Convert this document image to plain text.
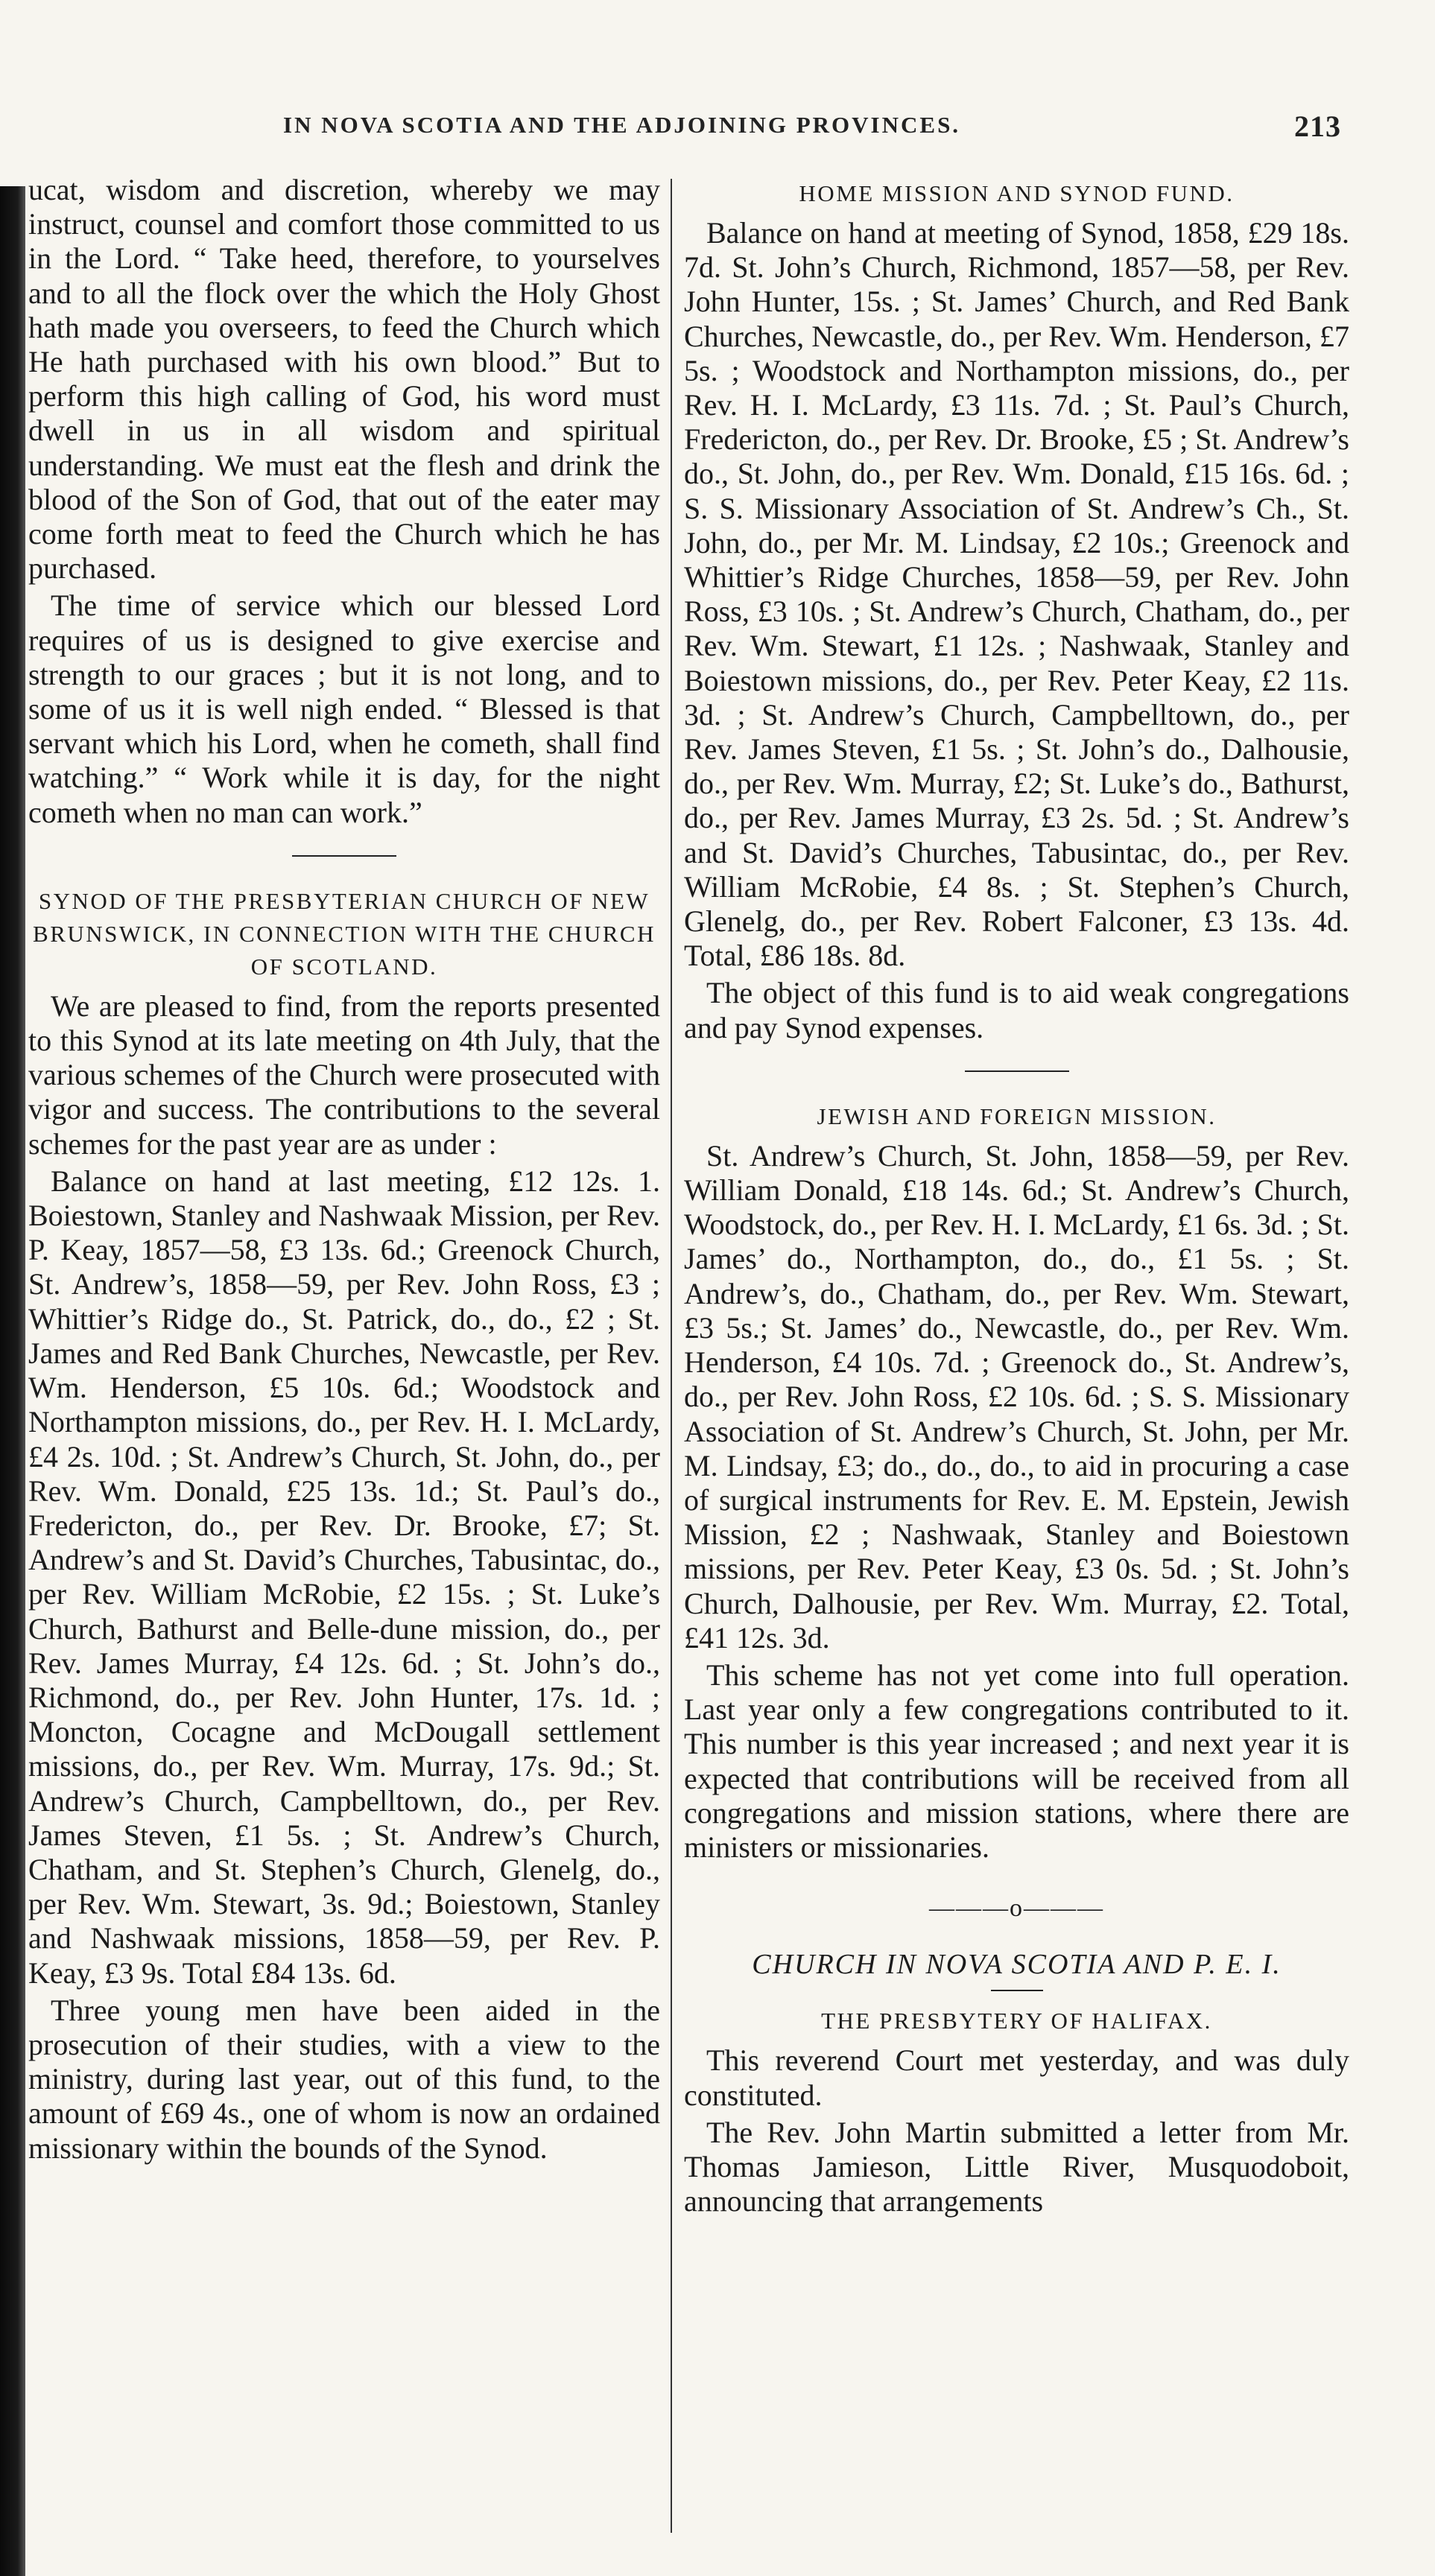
IN NOVA SCOTIA AND THE ADJOINING PROVINCES.	213

ucat, wisdom and discretion, whereby we may instruct, counsel and comfort those committed to us in the Lord. “ Take heed, therefore, to yourselves and to all the flock over the which the Holy Ghost hath made you overseers, to feed the Church which He hath purchased with his own blood.” But to perform this high calling of God, his word must dwell in us in all wisdom and spiritual understanding. We must eat the flesh and drink the blood of the Son of God, that out of the eater may come forth meat to feed the Church which he has purchased.

The time of service which our blessed Lord requires of us is designed to give exercise and strength to our graces ; but it is not long, and to some of us it is well nigh ended. “ Blessed is that servant which his Lord, when he cometh, shall find watching.” “ Work while it is day, for the night cometh when no man can work.”

SYNOD OF THE PRESBYTERIAN CHURCH OF NEW BRUNSWICK, IN CONNECTION WITH THE CHURCH OF SCOTLAND.

We are pleased to find, from the reports presented to this Synod at its late meeting on 4th July, that the various schemes of the Church were prosecuted with vigor and success. The contributions to the several schemes for the past year are as under :

Balance on hand at last meeting, £12 12s. 1. Boiestown, Stanley and Nashwaak Mission, per Rev. P. Keay, 1857—58, £3 13s. 6d.; Greenock Church, St. Andrew’s, 1858—59, per Rev. John Ross, £3 ; Whittier’s Ridge do., St. Patrick, do., do., £2 ; St. James and Red Bank Churches, Newcastle, per Rev. Wm. Henderson, £5 10s. 6d.; Woodstock and Northampton missions, do., per Rev. H. I. McLardy, £4 2s. 10d. ; St. Andrew’s Church, St. John, do., per Rev. Wm. Donald, £25 13s. 1d.; St. Paul’s do., Fredericton, do., per Rev. Dr. Brooke, £7; St. Andrew’s and St. David’s Churches, Tabusintac, do., per Rev. William McRobie, £2 15s. ; St. Luke’s Church, Bathurst and Belle-dune mission, do., per Rev. James Murray, £4 12s. 6d. ; St. John’s do., Richmond, do., per Rev. John Hunter, 17s. 1d. ; Moncton, Cocagne and McDougall settlement missions, do., per Rev. Wm. Murray, 17s. 9d.; St. Andrew’s Church, Campbelltown, do., per Rev. James Steven, £1 5s. ; St. Andrew’s Church, Chatham, and St. Stephen’s Church, Glenelg, do., per Rev. Wm. Stewart, 3s. 9d.; Boiestown, Stanley and Nashwaak missions, 1858—59, per Rev. P. Keay, £3 9s. Total £84 13s. 6d.

Three young men have been aided in the prosecution of their studies, with a view to the ministry, during last year, out of this fund, to the amount of £69 4s., one of whom is now an ordained missionary within the bounds of the Synod.

HOME MISSION AND SYNOD FUND.

Balance on hand at meeting of Synod, 1858, £29 18s. 7d. St. John’s Church, Richmond, 1857—58, per Rev. John Hunter, 15s. ; St. James’ Church, and Red Bank Churches, Newcastle, do., per Rev. Wm. Henderson, £7 5s. ; Woodstock and Northampton missions, do., per Rev. H. I. McLardy, £3 11s. 7d. ; St. Paul’s Church, Fredericton, do., per Rev. Dr. Brooke, £5 ; St. Andrew’s do., St. John, do., per Rev. Wm. Donald, £15 16s. 6d. ; S. S. Missionary Association of St. Andrew’s Ch., St. John, do., per Mr. M. Lindsay, £2 10s.; Greenock and Whittier’s Ridge Churches, 1858—59, per Rev. John Ross, £3 10s. ; St. Andrew’s Church, Chatham, do., per Rev. Wm. Stewart, £1 12s. ; Nashwaak, Stanley and Boiestown missions, do., per Rev. Peter Keay, £2 11s. 3d. ; St. Andrew’s Church, Campbelltown, do., per Rev. James Steven, £1 5s. ; St. John’s do., Dalhousie, do., per Rev. Wm. Murray, £2; St. Luke’s do., Bathurst, do., per Rev. James Murray, £3 2s. 5d. ; St. Andrew’s and St. David’s Churches, Tabusintac, do., per Rev. William McRobie, £4 8s. ; St. Stephen’s Church, Glenelg, do., per Rev. Robert Falconer, £3 13s. 4d. Total, £86 18s. 8d.

The object of this fund is to aid weak congregations and pay Synod expenses.

JEWISH AND FOREIGN MISSION.

St. Andrew’s Church, St. John, 1858—59, per Rev. William Donald, £18 14s. 6d.; St. Andrew’s Church, Woodstock, do., per Rev. H. I. McLardy, £1 6s. 3d. ; St. James’ do., Northampton, do., do., £1 5s. ; St. Andrew’s, do., Chatham, do., per Rev. Wm. Stewart, £3 5s.; St. James’ do., Newcastle, do., per Rev. Wm. Henderson, £4 10s. 7d. ; Greenock do., St. Andrew’s, do., per Rev. John Ross, £2 10s. 6d. ; S. S. Missionary Association of St. Andrew’s Church, St. John, per Mr. M. Lindsay, £3; do., do., do., to aid in procuring a case of surgical instruments for Rev. E. M. Epstein, Jewish Mission, £2 ; Nashwaak, Stanley and Boiestown missions, per Rev. Peter Keay, £3 0s. 5d. ; St. John’s Church, Dalhousie, per Rev. Wm. Murray, £2. Total, £41 12s. 3d.

This scheme has not yet come into full operation. Last year only a few congregations contributed to it. This number is this year increased ; and next year it is expected that contributions will be received from all congregations and mission stations, where there are ministers or missionaries.

———o———
CHURCH IN NOVA SCOTIA AND P. E. I.
THE PRESBYTERY OF HALIFAX.

This reverend Court met yesterday, and was duly constituted.

The Rev. John Martin submitted a letter from Mr. Thomas Jamieson, Little River, Musquodoboit, announcing that arrangements
